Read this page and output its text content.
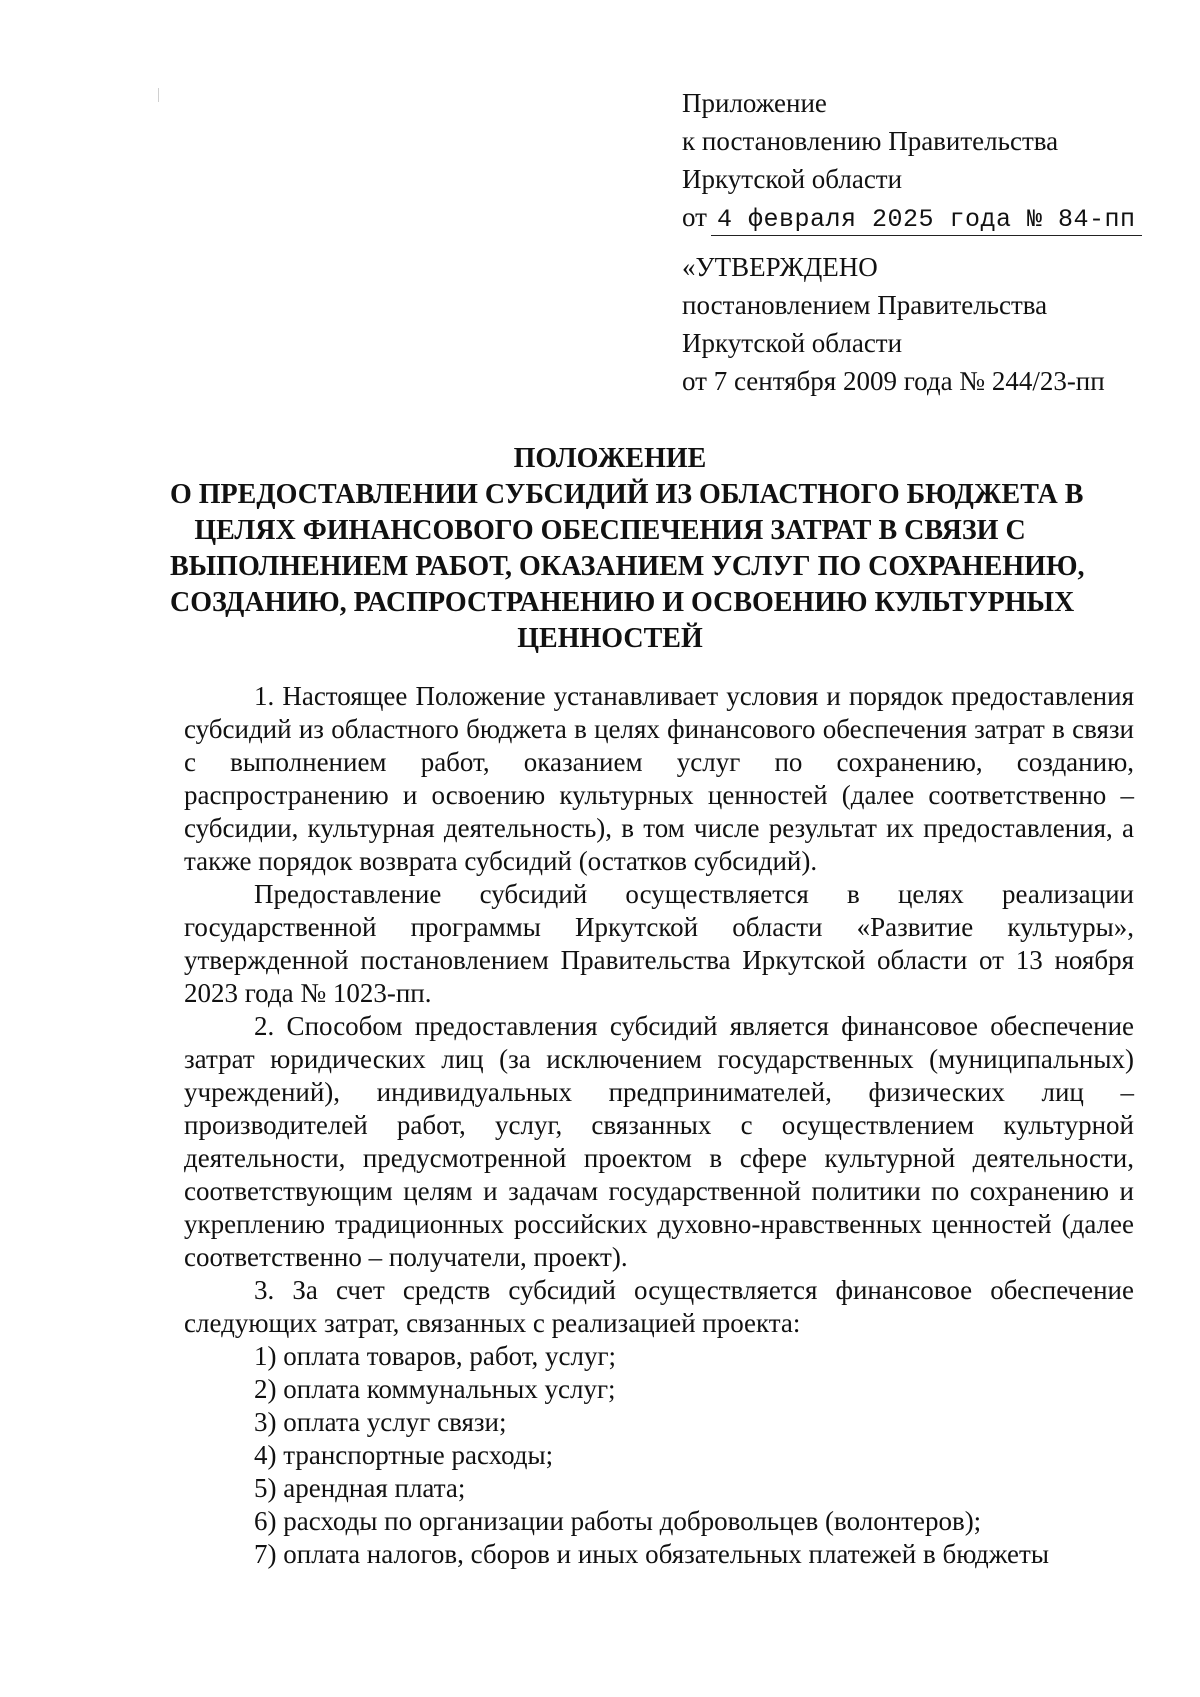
Приложение
к постановлению Правительства
Иркутской области
от 4 февраля 2025 года № 84-пп
«УТВЕРЖДЕНО
постановлением Правительства
Иркутской области
от 7 сентября 2009 года № 244/23-пп
ПОЛОЖЕНИЕ
О ПРЕДОСТАВЛЕНИИ СУБСИДИЙ ИЗ ОБЛАСТНОГО БЮДЖЕТА В
ЦЕЛЯХ ФИНАНСОВОГО ОБЕСПЕЧЕНИЯ ЗАТРАТ В СВЯЗИ С
ВЫПОЛНЕНИЕМ РАБОТ, ОКАЗАНИЕМ УСЛУГ ПО СОХРАНЕНИЮ,
СОЗДАНИЮ, РАСПРОСТРАНЕНИЮ И ОСВОЕНИЮ КУЛЬТУРНЫХ
ЦЕННОСТЕЙ

1. Настоящее Положение устанавливает условия и порядок предоставления субсидий из областного бюджета в целях финансового обеспечения затрат в связи с выполнением работ, оказанием услуг по сохранению, созданию, распространению и освоению культурных ценностей (далее соответственно – субсидии, культурная деятельность), в том числе результат их предоставления, а также порядок возврата субсидий (остатков субсидий).

Предоставление субсидий осуществляется в целях реализации государственной программы Иркутской области «Развитие культуры», утвержденной постановлением Правительства Иркутской области от 13 ноября 2023 года № 1023-пп.

2. Способом предоставления субсидий является финансовое обеспечение затрат юридических лиц (за исключением государственных (муниципальных) учреждений), индивидуальных предпринимателей, физических лиц – производителей работ, услуг, связанных с осуществлением культурной деятельности, предусмотренной проектом в сфере культурной деятельности, соответствующим целям и задачам государственной политики по сохранению и укреплению традиционных российских духовно-нравственных ценностей (далее соответственно – получатели, проект).

3. За счет средств субсидий осуществляется финансовое обеспечение следующих затрат, связанных с реализацией проекта:

1) оплата товаров, работ, услуг;

2) оплата коммунальных услуг;

3) оплата услуг связи;

4) транспортные расходы;

5) арендная плата;

6) расходы по организации работы добровольцев (волонтеров);

7) оплата налогов, сборов и иных обязательных платежей в бюджеты
